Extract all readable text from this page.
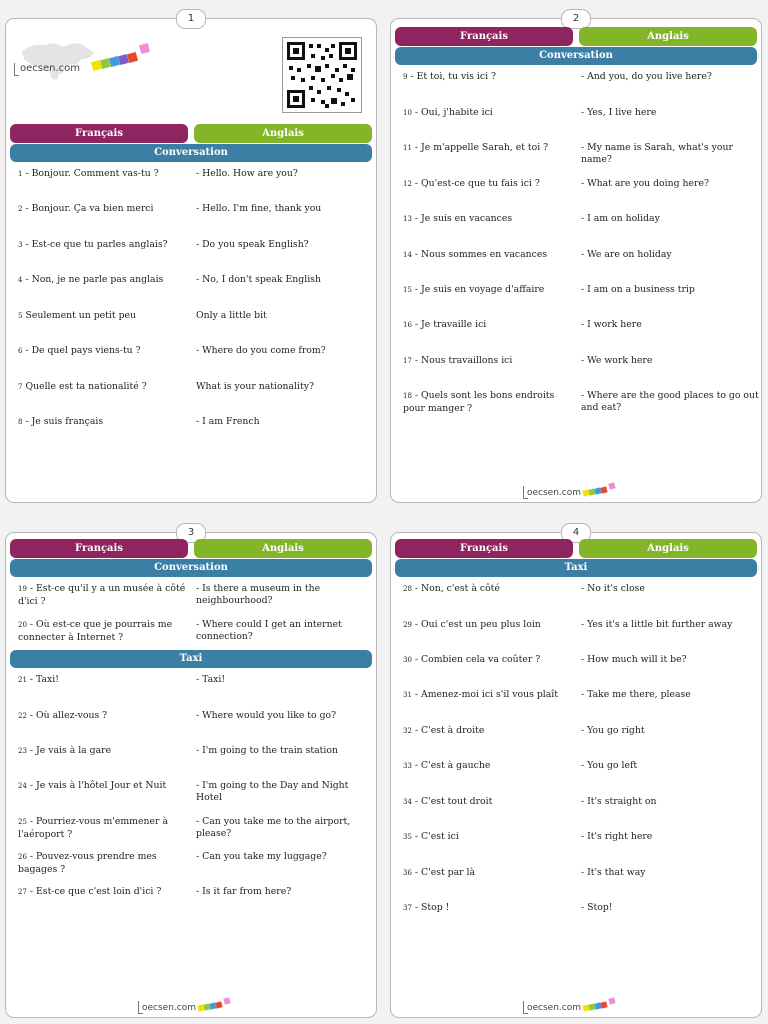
1
oecsen.com
Français	Anglais
Conversation
1 - Bonjour. Comment vas-tu ?	- Hello. How are you?
2 - Bonjour. Ça va bien merci	- Hello. I'm fine, thank you
3 - Est-ce que tu parles anglais?	- Do you speak English?
4 - Non, je ne parle pas anglais	- No, I don't speak English
5 Seulement un petit peu	Only a little bit
6 - De quel pays viens-tu ?	- Where do you come from?
7 Quelle est ta nationalité ?	What is your nationality?
8 - Je suis français	- I am French
2
Français	Anglais
Conversation
9 - Et toi, tu vis ici ?	- And you, do you live here?
10 - Oui, j'habite ici	- Yes, I live here
11 - Je m'appelle Sarah, et toi ?	- My name is Sarah, what's your name?
12 - Qu'est-ce que tu fais ici ?	- What are you doing here?
13 - Je suis en vacances	- I am on holiday
14 - Nous sommes en vacances	- We are on holiday
15 - Je suis en voyage d'affaire	- I am on a business trip
16 - Je travaille ici	- I work here
17 - Nous travaillons ici	- We work here
18 - Quels sont les bons endroits pour manger ?
- Where are the good places to go out and eat?
oecsen.com
3
Français	Anglais
Conversation
19 - Est-ce qu'il y a un musée à côté d'ici ?
- Is there a museum in the neighbourhood?
20 - Où est-ce que je pourrais me connecter à Internet ?
- Where could I get an internet connection?
Taxi
21 - Taxi!	- Taxi!
22 - Où allez-vous ?	- Where would you like to go?
23 - Je vais à la gare	- I'm going to the train station
24 - Je vais à l'hôtel Jour et Nuit	- I'm going to the Day and Night Hotel
25 - Pourriez-vous m'emmener à l'aéroport ?
- Can you take me to the airport, please?
26 - Pouvez-vous prendre mes bagages ?
- Can you take my luggage?
27 - Est-ce que c'est loin d'ici ?	- Is it far from here?
oecsen.com
4
Français	Anglais
Taxi
28 - Non, c'est à côté	- No it's close
29 - Oui c'est un peu plus loin	- Yes it's a little bit further away
30 - Combien cela va coûter ?	- How much will it be?
31 - Amenez-moi ici s'il vous plaît	- Take me there, please
32 - C'est à droite	- You go right
33 - C'est à gauche	- You go left
34 - C'est tout droit	- It's straight on
35 - C'est ici	- It's right here
36 - C'est par là	- It's that way
37 - Stop !	- Stop!
oecsen.com
